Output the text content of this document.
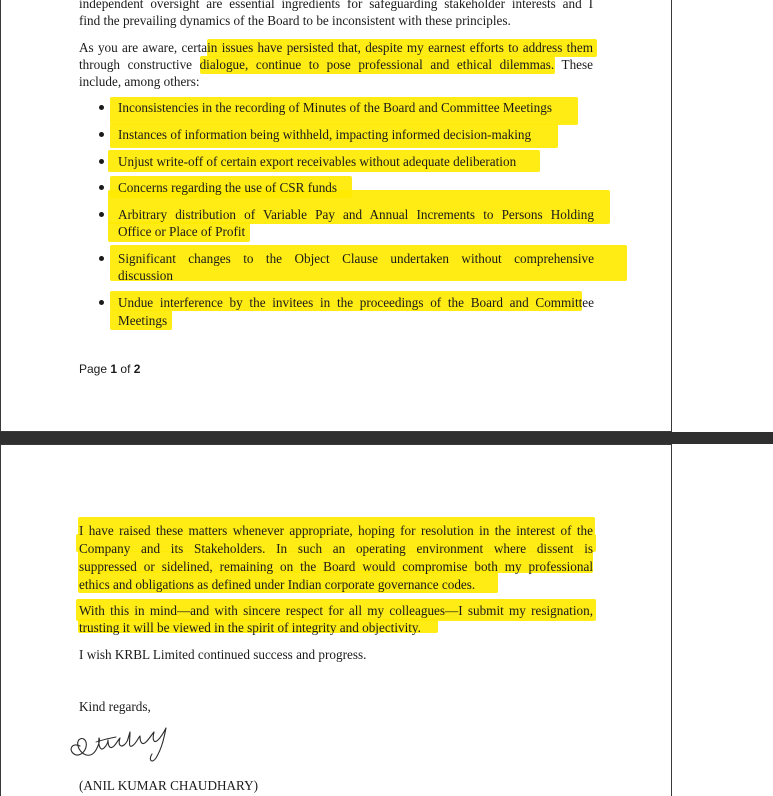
independent oversight are essential ingredients for safeguarding stakeholder interests and I
find the prevailing dynamics of the Board to be inconsistent with these principles.
As you are aware, certain issues have persisted that, despite my earnest efforts to address them
through constructive dialogue, continue to pose professional and ethical dilemmas. These
include, among others:
Inconsistencies in the recording of Minutes of the Board and Committee Meetings
Instances of information being withheld, impacting informed decision-making
Unjust write-off of certain export receivables without adequate deliberation
Concerns regarding the use of CSR funds
Arbitrary distribution of Variable Pay and Annual Increments to Persons Holding
Office or Place of Profit
Significant changes to the Object Clause undertaken without comprehensive
discussion
Undue interference by the invitees in the proceedings of the Board and Committee
Meetings
Page 1 of 2
I have raised these matters whenever appropriate, hoping for resolution in the interest of the
Company and its Stakeholders. In such an operating environment where dissent is
suppressed or sidelined, remaining on the Board would compromise both my professional
ethics and obligations as defined under Indian corporate governance codes.
With this in mind—and with sincere respect for all my colleagues—I submit my resignation,
trusting it will be viewed in the spirit of integrity and objectivity.
I wish KRBL Limited continued success and progress.
Kind regards,
(ANIL KUMAR CHAUDHARY)
